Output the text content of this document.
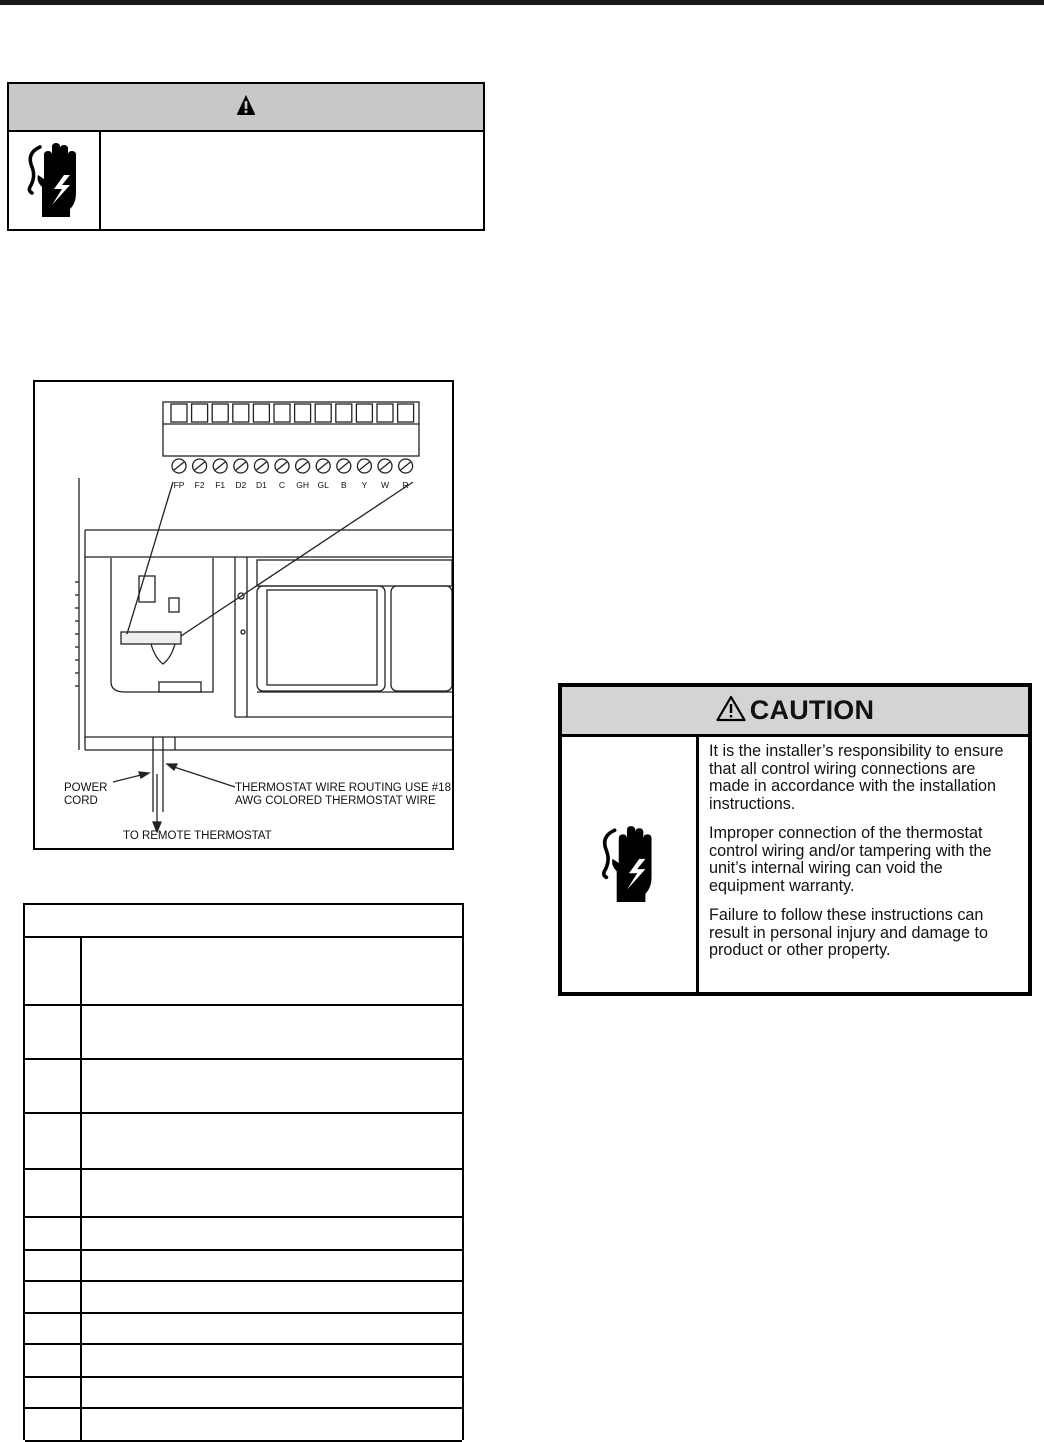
FP F2 F1 D2 D1 C GH GL B Y W R
POWER
CORD
THERMOSTAT WIRE ROUTING USE #18
AWG COLORED THERMOSTAT WIRE
TO REMOTE THERMOSTAT
CAUTION

It is the installer’s responsibility to ensure that all control wiring connections are made in accordance with the installation instructions.

Improper connection of the thermostat control wiring and/or tampering with the unit’s internal wiring can void the equipment warranty.

Failure to follow these instructions can result in personal injury and damage to product or other property.
